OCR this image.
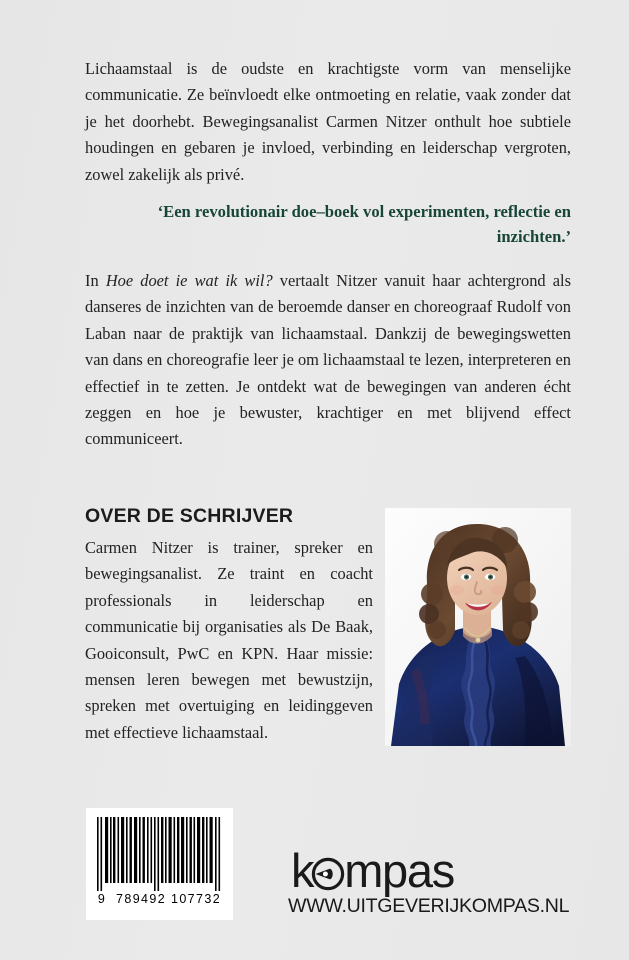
Lichaamstaal is de oudste en krachtigste vorm van menselijke communicatie. Ze beïnvloedt elke ontmoeting en relatie, vaak zonder dat je het doorhebt. Bewegingsanalist Carmen Nitzer onthult hoe subtiele houdingen en gebaren je invloed, verbinding en leiderschap vergroten, zowel zakelijk als privé.
‘Een revolutionair doe–boek vol experimenten, reflectie en inzichten.’
In Hoe doet ie wat ik wil? vertaalt Nitzer vanuit haar achtergrond als danseres de inzichten van de beroemde danser en choreograaf Rudolf von Laban naar de praktijk van lichaamstaal. Dankzij de bewegingswetten van dans en choreografie leer je om lichaamstaal te lezen, interpreteren en effectief in te zetten. Je ontdekt wat de bewegingen van anderen écht zeggen en hoe je bewuster, krachtiger en met blijvend effect communiceert.
OVER DE SCHRIJVER
Carmen Nitzer is trainer, spreker en bewegingsanalist. Ze traint en coacht professionals in leiderschap en communicatie bij organisaties als De Baak, Gooiconsult, PwC en KPN. Haar missie: mensen leren bewegen met bewustzijn, spreken met overtuiging en leidinggeven met effectieve lichaamstaal.
9  789492 107732
k mpas
WWW.UITGEVERIJKOMPAS.NL
